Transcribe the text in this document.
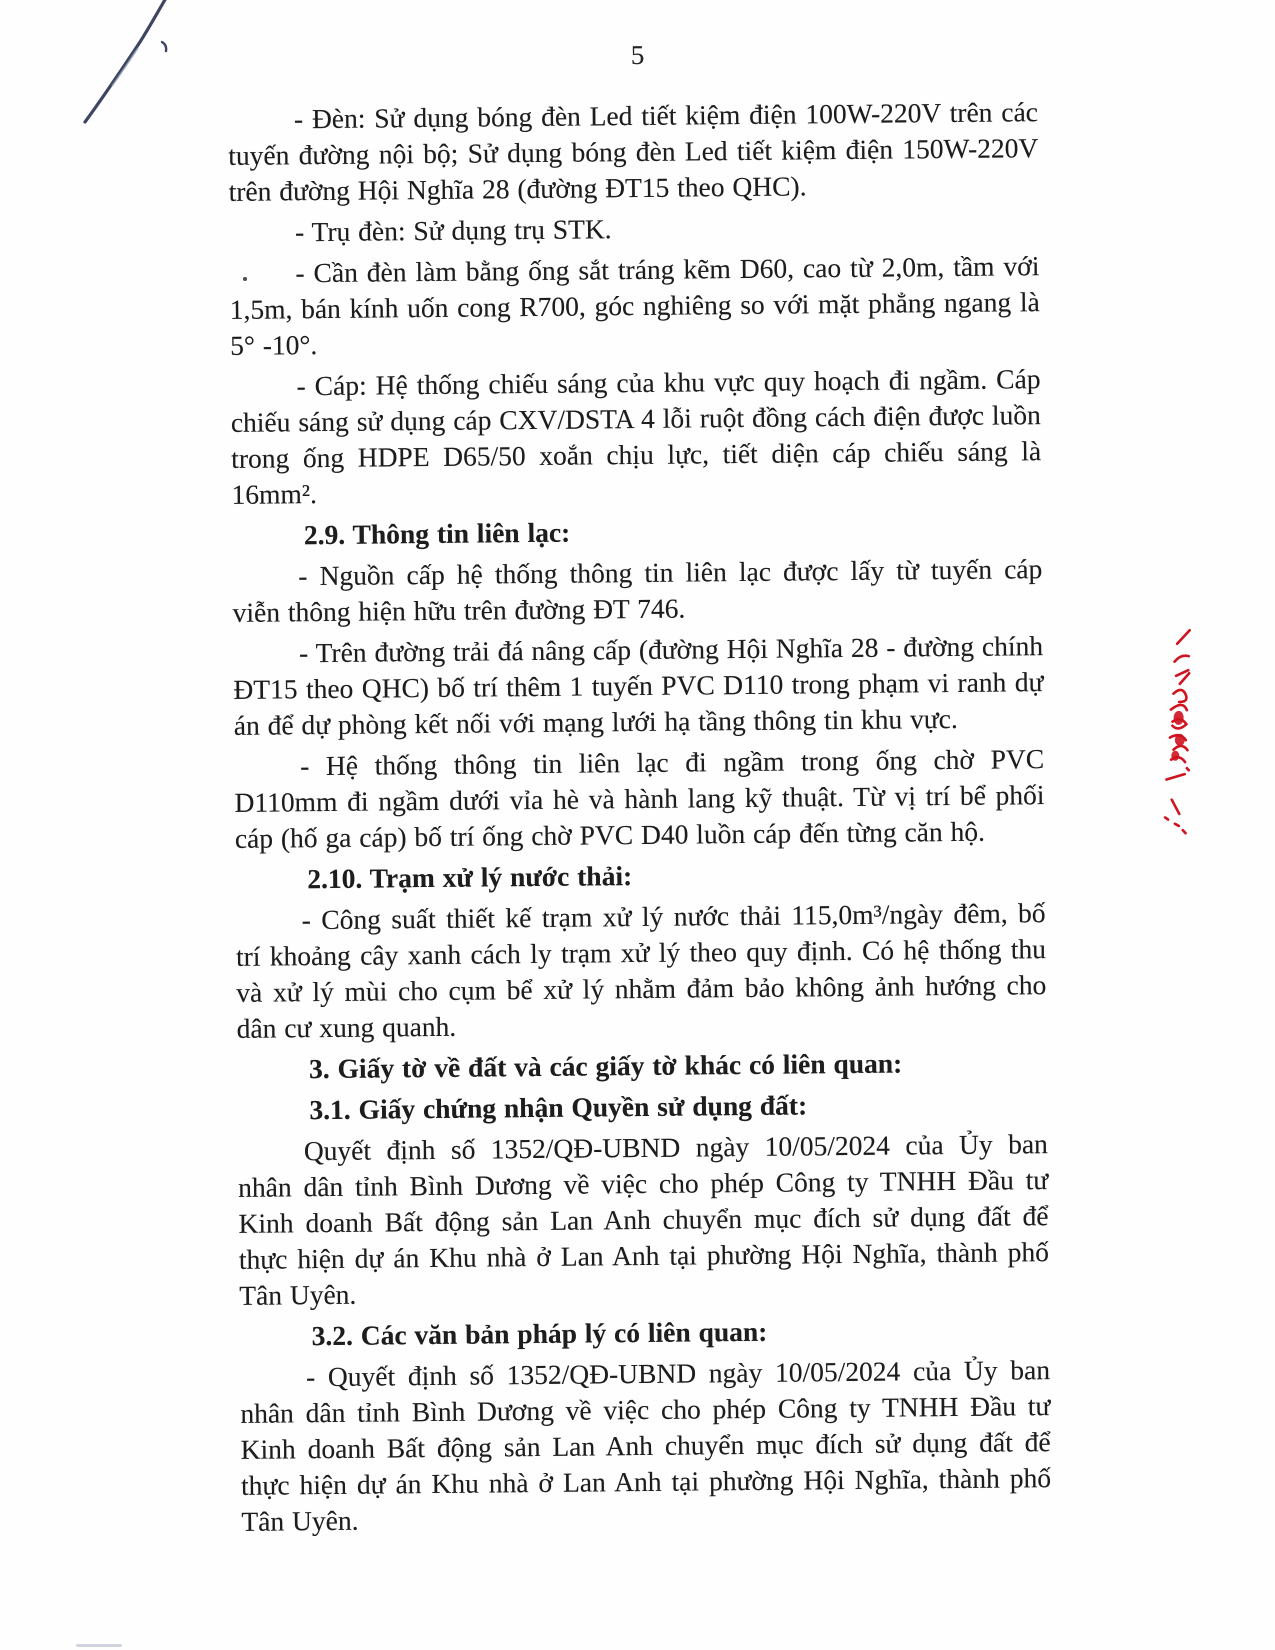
5

- Đèn: Sử dụng bóng đèn Led tiết kiệm điện 100W-220V trên các tuyến đường nội bộ; Sử dụng bóng đèn Led tiết kiệm điện 150W-220V trên đường Hội Nghĩa 28 (đường ĐT15 theo QHC).

- Trụ đèn: Sử dụng trụ STK.

- Cần đèn làm bằng ống sắt tráng kẽm D60, cao từ 2,0m, tầm với 1,5m, bán kính uốn cong R700, góc nghiêng so với mặt phẳng ngang là 5° -10°.

- Cáp: Hệ thống chiếu sáng của khu vực quy hoạch đi ngầm. Cáp chiếu sáng sử dụng cáp CXV/DSTA 4 lỗi ruột đồng cách điện được luồn trong ống HDPE D65/50 xoắn chịu lực, tiết diện cáp chiếu sáng là 16mm².

2.9. Thông tin liên lạc:

- Nguồn cấp hệ thống thông tin liên lạc được lấy từ tuyến cáp viễn thông hiện hữu trên đường ĐT 746.

- Trên đường trải đá nâng cấp (đường Hội Nghĩa 28 - đường chính ĐT15 theo QHC) bố trí thêm 1 tuyến PVC D110 trong phạm vi ranh dự án để dự phòng kết nối với mạng lưới hạ tầng thông tin khu vực.

- Hệ thống thông tin liên lạc đi ngầm trong ống chờ PVC D110mm đi ngầm dưới vỉa hè và hành lang kỹ thuật. Từ vị trí bể phối cáp (hố ga cáp) bố trí ống chờ PVC D40 luồn cáp đến từng căn hộ.

2.10. Trạm xử lý nước thải:

- Công suất thiết kế trạm xử lý nước thải 115,0m³/ngày đêm, bố trí khoảng cây xanh cách ly trạm xử lý theo quy định. Có hệ thống thu và xử lý mùi cho cụm bể xử lý nhằm đảm bảo không ảnh hướng cho dân cư xung quanh.

3. Giấy tờ về đất và các giấy tờ khác có liên quan:

3.1. Giấy chứng nhận Quyền sử dụng đất:

Quyết định số 1352/QĐ-UBND ngày 10/05/2024 của Ủy ban nhân dân tỉnh Bình Dương về việc cho phép Công ty TNHH Đầu tư Kinh doanh Bất động sản Lan Anh chuyển mục đích sử dụng đất để thực hiện dự án Khu nhà ở Lan Anh tại phường Hội Nghĩa, thành phố Tân Uyên.

3.2. Các văn bản pháp lý có liên quan:

- Quyết định số 1352/QĐ-UBND ngày 10/05/2024 của Ủy ban nhân dân tỉnh Bình Dương về việc cho phép Công ty TNHH Đầu tư Kinh doanh Bất động sản Lan Anh chuyển mục đích sử dụng đất để thực hiện dự án Khu nhà ở Lan Anh tại phường Hội Nghĩa, thành phố Tân Uyên.
